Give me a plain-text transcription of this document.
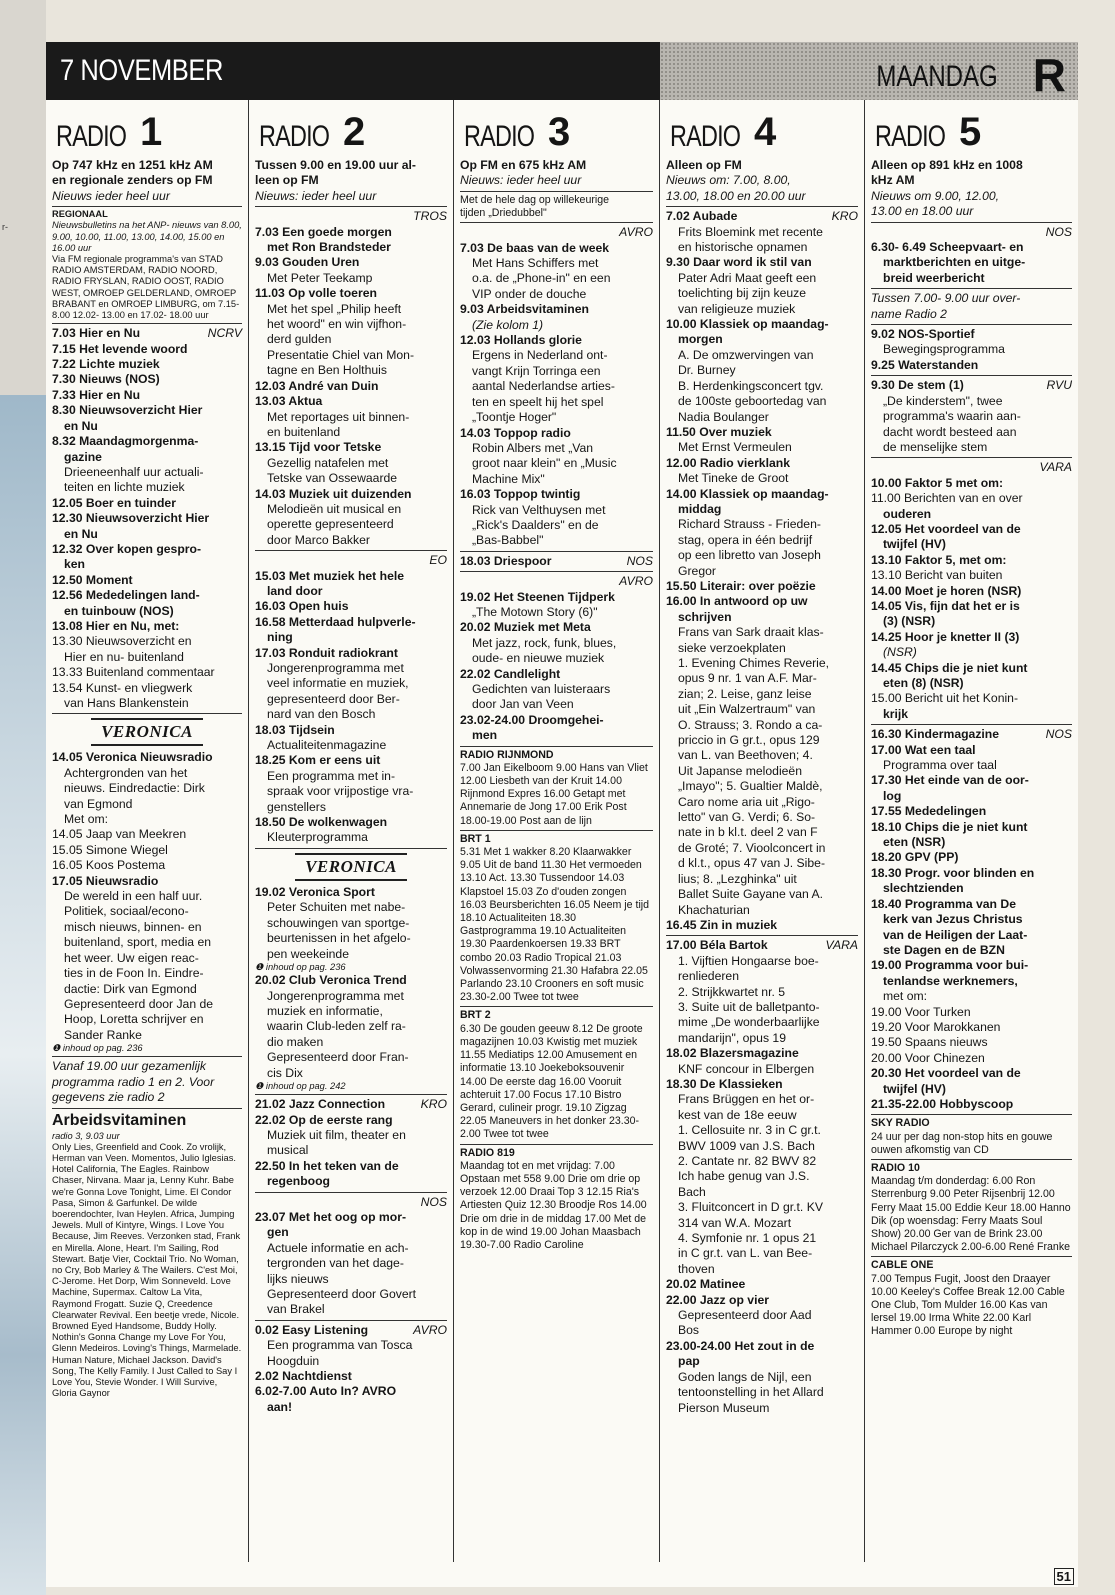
r-
7 NOVEMBER	MAANDAG R
RADIO 1
Op 747 kHz en 1251 kHz AM
en regionale zenders op FM
Nieuws ieder heel uur
REGIONAAL
Nieuwsbulletins na het ANP- nieuws van 8.00, 9.00, 10.00, 11.00, 13.00, 14.00, 15.00 en 16.00 uur
Via FM regionale programma's van STAD RADIO AMSTERDAM, RADIO NOORD, RADIO FRYSLAN, RADIO OOST, RADIO WEST, OMROEP GELDERLAND, OMROEP BRABANT en OMROEP LIMBURG, om 7.15- 8.00 12.02- 13.00 en 17.02- 18.00 uur
7.03 Hier en Nu	NCRV
7.15 Het levende woord
7.22 Lichte muziek
7.30 Nieuws (NOS)
7.33 Hier en Nu
8.30 Nieuwsoverzicht Hier
en Nu
8.32 Maandagmorgenma-
gazine
Drieeneenhalf uur actuali-
teiten en lichte muziek
12.05 Boer en tuinder
12.30 Nieuwsoverzicht Hier
en Nu
12.32 Over kopen gespro-
ken
12.50 Moment
12.56 Mededelingen land-
en tuinbouw (NOS)
13.08 Hier en Nu, met:
13.30 Nieuwsoverzicht en
Hier en nu- buitenland
13.33 Buitenland commentaar
13.54 Kunst- en vliegwerk
van Hans Blankenstein
VERONICA
14.05 Veronica Nieuwsradio
Achtergronden van het
nieuws. Eindredactie: Dirk
van Egmond
Met om:
14.05 Jaap van Meekren
15.05 Simone Wiegel
16.05 Koos Postema
17.05 Nieuwsradio
De wereld in een half uur.
Politiek, sociaal/econo-
misch nieuws, binnen- en
buitenland, sport, media en
het weer. Uw eigen reac-
ties in de Foon In. Eindre-
dactie: Dirk van Egmond
Gepresenteerd door Jan de
Hoop, Loretta schrijver en
Sander Ranke
❶ inhoud op pag. 236
Vanaf 19.00 uur gezamenlijk
programma radio 1 en 2. Voor
gegevens zie radio 2
Arbeidsvitaminen
radio 3, 9.03 uur
Only Lies, Greenfield and Cook. Zo vrolijk, Herman van Veen. Momentos, Julio Iglesias. Hotel California, The Eagles. Rainbow Chaser, Nirvana. Maar ja, Lenny Kuhr. Babe we're Gonna Love Tonight, Lime. El Condor Pasa, Simon & Garfunkel. De wilde boerendochter, Ivan Heylen. Africa, Jumping Jewels. Mull of Kintyre, Wings. I Love You Because, Jim Reeves. Verzonken stad, Frank en Mirella. Alone, Heart. I'm Sailing, Rod Stewart. Batje Vier, Cocktail Trio. No Woman, no Cry, Bob Marley & The Wailers. C'est Moi, C-Jerome. Het Dorp, Wim Sonneveld. Love Machine, Supermax. Caltow La Vita, Raymond Frogatt. Suzie Q, Creedence Clearwater Revival. Een beetje vrede, Nicole. Browned Eyed Handsome, Buddy Holly. Nothin's Gonna Change my Love For You, Glenn Medeiros. Loving's Things, Marmelade. Human Nature, Michael Jackson. David's Song, The Kelly Family. I Just Called to Say I Love You, Stevie Wonder. I Will Survive, Gloria Gaynor
RADIO 2
Tussen 9.00 en 19.00 uur al-
leen op FM
Nieuws: ieder heel uur
TROS
7.03 Een goede morgen
met Ron Brandsteder
9.03 Gouden Uren
Met Peter Teekamp
11.03 Op volle toeren
Met het spel „Philip heeft
het woord" en win vijfhon-
derd gulden
Presentatie Chiel van Mon-
tagne en Ben Holthuis
12.03 André van Duin
13.03 Aktua
Met reportages uit binnen-
en buitenland
13.15 Tijd voor Tetske
Gezellig natafelen met
Tetske van Ossewaarde
14.03 Muziek uit duizenden
Melodieën uit musical en
operette gepresenteerd
door Marco Bakker
EO
15.03 Met muziek het hele
land door
16.03 Open huis
16.58 Metterdaad hulpverle-
ning
17.03 Ronduit radiokrant
Jongerenprogramma met
veel informatie en muziek,
gepresenteerd door Ber-
nard van den Bosch
18.03 Tijdsein
Actualiteitenmagazine
18.25 Kom er eens uit
Een programma met in-
spraak voor vrijpostige vra-
genstellers
18.50 De wolkenwagen
Kleuterprogramma
VERONICA
19.02 Veronica Sport
Peter Schuiten met nabe-
schouwingen van sportge-
beurtenissen in het afgelo-
pen weekeinde
❶ inhoud op pag. 236
20.02 Club Veronica Trend
Jongerenprogramma met
muziek en informatie,
waarin Club-leden zelf ra-
dio maken
Gepresenteerd door Fran-
cis Dix
❶ inhoud op pag. 242
21.02 Jazz Connection	KRO
22.02 Op de eerste rang
Muziek uit film, theater en
musical
22.50 In het teken van de
regenboog
NOS
23.07 Met het oog op mor-
gen
Actuele informatie en ach-
tergronden van het dage-
lijks nieuws
Gepresenteerd door Govert
van Brakel
0.02 Easy Listening	AVRO
Een programma van Tosca
Hoogduin
2.02 Nachtdienst
6.02-7.00 Auto In? AVRO
aan!
RADIO 3
Op FM en 675 kHz AM
Nieuws: ieder heel uur
Met de hele dag op willekeurige
tijden „Driedubbel"
AVRO
7.03 De baas van de week
Met Hans Schiffers met
o.a. de „Phone-in" en een
VIP onder de douche
9.03 Arbeidsvitaminen
(Zie kolom 1)
12.03 Hollands glorie
Ergens in Nederland ont-
vangt Krijn Torringa een
aantal Nederlandse arties-
ten en speelt hij het spel
„Toontje Hoger"
14.03 Toppop radio
Robin Albers met „Van
groot naar klein" en „Music
Machine Mix"
16.03 Toppop twintig
Rick van Velthuysen met
„Rick's Daalders" en de
„Bas-Babbel"
18.03 Driespoor	NOS
AVRO
19.02 Het Steenen Tijdperk
„The Motown Story (6)"
20.02 Muziek met Meta
Met jazz, rock, funk, blues,
oude- en nieuwe muziek
22.02 Candlelight
Gedichten van luisteraars
door Jan van Veen
23.02-24.00 Droomgehei-
men
RADIO RIJNMOND
7.00 Jan Eikelboom 9.00 Hans van Vliet 12.00 Liesbeth van der Kruit 14.00 Rijnmond Expres 16.00 Getapt met Annemarie de Jong 17.00 Erik Post 18.00-19.00 Post aan de lijn
BRT 1
5.31 Met 1 wakker 8.20 Klaarwakker 9.05 Uit de band 11.30 Het vermoeden 13.10 Act. 13.30 Tussendoor 14.03 Klapstoel 15.03 Zo d'ouden zongen 16.03 Beursberichten 16.05 Neem je tijd 18.10 Actualiteiten 18.30 Gastprogramma 19.10 Actualiteiten 19.30 Paardenkoersen 19.33 BRT combo 20.03 Radio Tropical 21.03 Volwassenvorming 21.30 Hafabra 22.05 Parlando 23.10 Crooners en soft music 23.30-2.00 Twee tot twee
BRT 2
6.30 De gouden geeuw 8.12 De groote magazijnen 10.03 Kwistig met muziek 11.55 Mediatips 12.00 Amusement en informatie 13.10 Joekeboksouvenir 14.00 De eerste dag 16.00 Vooruit achteruit 17.00 Focus 17.10 Bistro Gerard, culineir progr. 19.10 Zigzag 22.05 Maneuvers in het donker 23.30-2.00 Twee tot twee
RADIO 819
Maandag tot en met vrijdag: 7.00 Opstaan met 558 9.00 Drie om drie op verzoek 12.00 Draai Top 3 12.15 Ria's Artiesten Quiz 12.30 Broodje Ros 14.00 Drie om drie in de middag 17.00 Met de kop in de wind 19.00 Johan Maasbach 19.30-7.00 Radio Caroline
RADIO 4
Alleen op FM
Nieuws om: 7.00, 8.00,
13.00, 18.00 en 20.00 uur
7.02 Aubade	KRO
Frits Bloemink met recente
en historische opnamen
9.30 Daar word ik stil van
Pater Adri Maat geeft een
toelichting bij zijn keuze
van religieuze muziek
10.00 Klassiek op maandag-
morgen
A. De omzwervingen van
Dr. Burney
B. Herdenkingsconcert tgv.
de 100ste geboortedag van
Nadia Boulanger
11.50 Over muziek
Met Ernst Vermeulen
12.00 Radio vierklank
Met Tineke de Groot
14.00 Klassiek op maandag-
middag
Richard Strauss - Frieden-
stag, opera in één bedrijf
op een libretto van Joseph
Gregor
15.50 Literair: over poëzie
16.00 In antwoord op uw
schrijven
Frans van Sark draait klas-
sieke verzoekplaten
1. Evening Chimes Reverie,
opus 9 nr. 1 van A.F. Mar-
zian; 2. Leise, ganz leise
uit „Ein Walzertraum" van
O. Strauss; 3. Rondo a ca-
priccio in G gr.t., opus 129
van L. van Beethoven; 4.
Uit Japanse melodieën
„Imayo"; 5. Gualtier Maldè,
Caro nome aria uit „Rigo-
letto" van G. Verdi; 6. So-
nate in b kl.t. deel 2 van F
de Groté; 7. Vioolconcert in
d kl.t., opus 47 van J. Sibe-
lius; 8. „Lezghinka" uit
Ballet Suite Gayane van A.
Khachaturian
16.45 Zin in muziek
17.00 Béla Bartok	VARA
1. Vijftien Hongaarse boe-
renliederen
2. Strijkkwartet nr. 5
3. Suite uit de balletpanto-
mime „De wonderbaarlijke
mandarijn", opus 19
18.02 Blazersmagazine
KNF concour in Elbergen
18.30 De Klassieken
Frans Brüggen en het or-
kest van de 18e eeuw
1. Cellosuite nr. 3 in C gr.t.
BWV 1009 van J.S. Bach
2. Cantate nr. 82 BWV 82
Ich habe genug van J.S.
Bach
3. Fluitconcert in D gr.t. KV
314 van W.A. Mozart
4. Symfonie nr. 1 opus 21
in C gr.t. van L. van Bee-
thoven
20.02 Matinee
22.00 Jazz op vier
Gepresenteerd door Aad
Bos
23.00-24.00 Het zout in de
pap
Goden langs de Nijl, een
tentoonstelling in het Allard
Pierson Museum
RADIO 5
Alleen op 891 kHz en 1008
kHz AM
Nieuws om 9.00, 12.00,
13.00 en 18.00 uur
NOS
6.30- 6.49 Scheepvaart- en
marktberichten en uitge-
breid weerbericht
Tussen 7.00- 9.00 uur over-
name Radio 2
9.02 NOS-Sportief
Bewegingsprogramma
9.25 Waterstanden
9.30 De stem (1)	RVU
„De kinderstem", twee
programma's waarin aan-
dacht wordt besteed aan
de menselijke stem
VARA
10.00 Faktor 5 met om:
11.00 Berichten van en over
ouderen
12.05 Het voordeel van de
twijfel (HV)
13.10 Faktor 5, met om:
13.10 Bericht van buiten
14.00 Moet je horen (NSR)
14.05 Vis, fijn dat het er is
(3) (NSR)
14.25 Hoor je knetter II (3)
(NSR)
14.45 Chips die je niet kunt
eten (8) (NSR)
15.00 Bericht uit het Konin-
krijk
16.30 Kindermagazine	NOS
17.00 Wat een taal
Programma over taal
17.30 Het einde van de oor-
log
17.55 Mededelingen
18.10 Chips die je niet kunt
eten (NSR)
18.20 GPV (PP)
18.30 Progr. voor blinden en
slechtzienden
18.40 Programma van De
kerk van Jezus Christus
van de Heiligen der Laat-
ste Dagen en de BZN
19.00 Programma voor bui-
tenlandse werknemers,
met om:
19.00 Voor Turken
19.20 Voor Marokkanen
19.50 Spaans nieuws
20.00 Voor Chinezen
20.30 Het voordeel van de
twijfel (HV)
21.35-22.00 Hobbyscoop
SKY RADIO
24 uur per dag non-stop hits en gouwe ouwen afkomstig van CD
RADIO 10
Maandag t/m donderdag: 6.00 Ron Sterrenburg 9.00 Peter Rijsenbrij 12.00 Ferry Maat 15.00 Eddie Keur 18.00 Hanno Dik (op woensdag: Ferry Maats Soul Show) 20.00 Ger van de Brink 23.00 Michael Pilarczyck 2.00-6.00 René Franke
CABLE ONE
7.00 Tempus Fugit, Joost den Draayer 10.00 Keeley's Coffee Break 12.00 Cable One Club, Tom Mulder 16.00 Kas van lersel 19.00 Irma White 22.00 Karl Hammer 0.00 Europe by night
51
